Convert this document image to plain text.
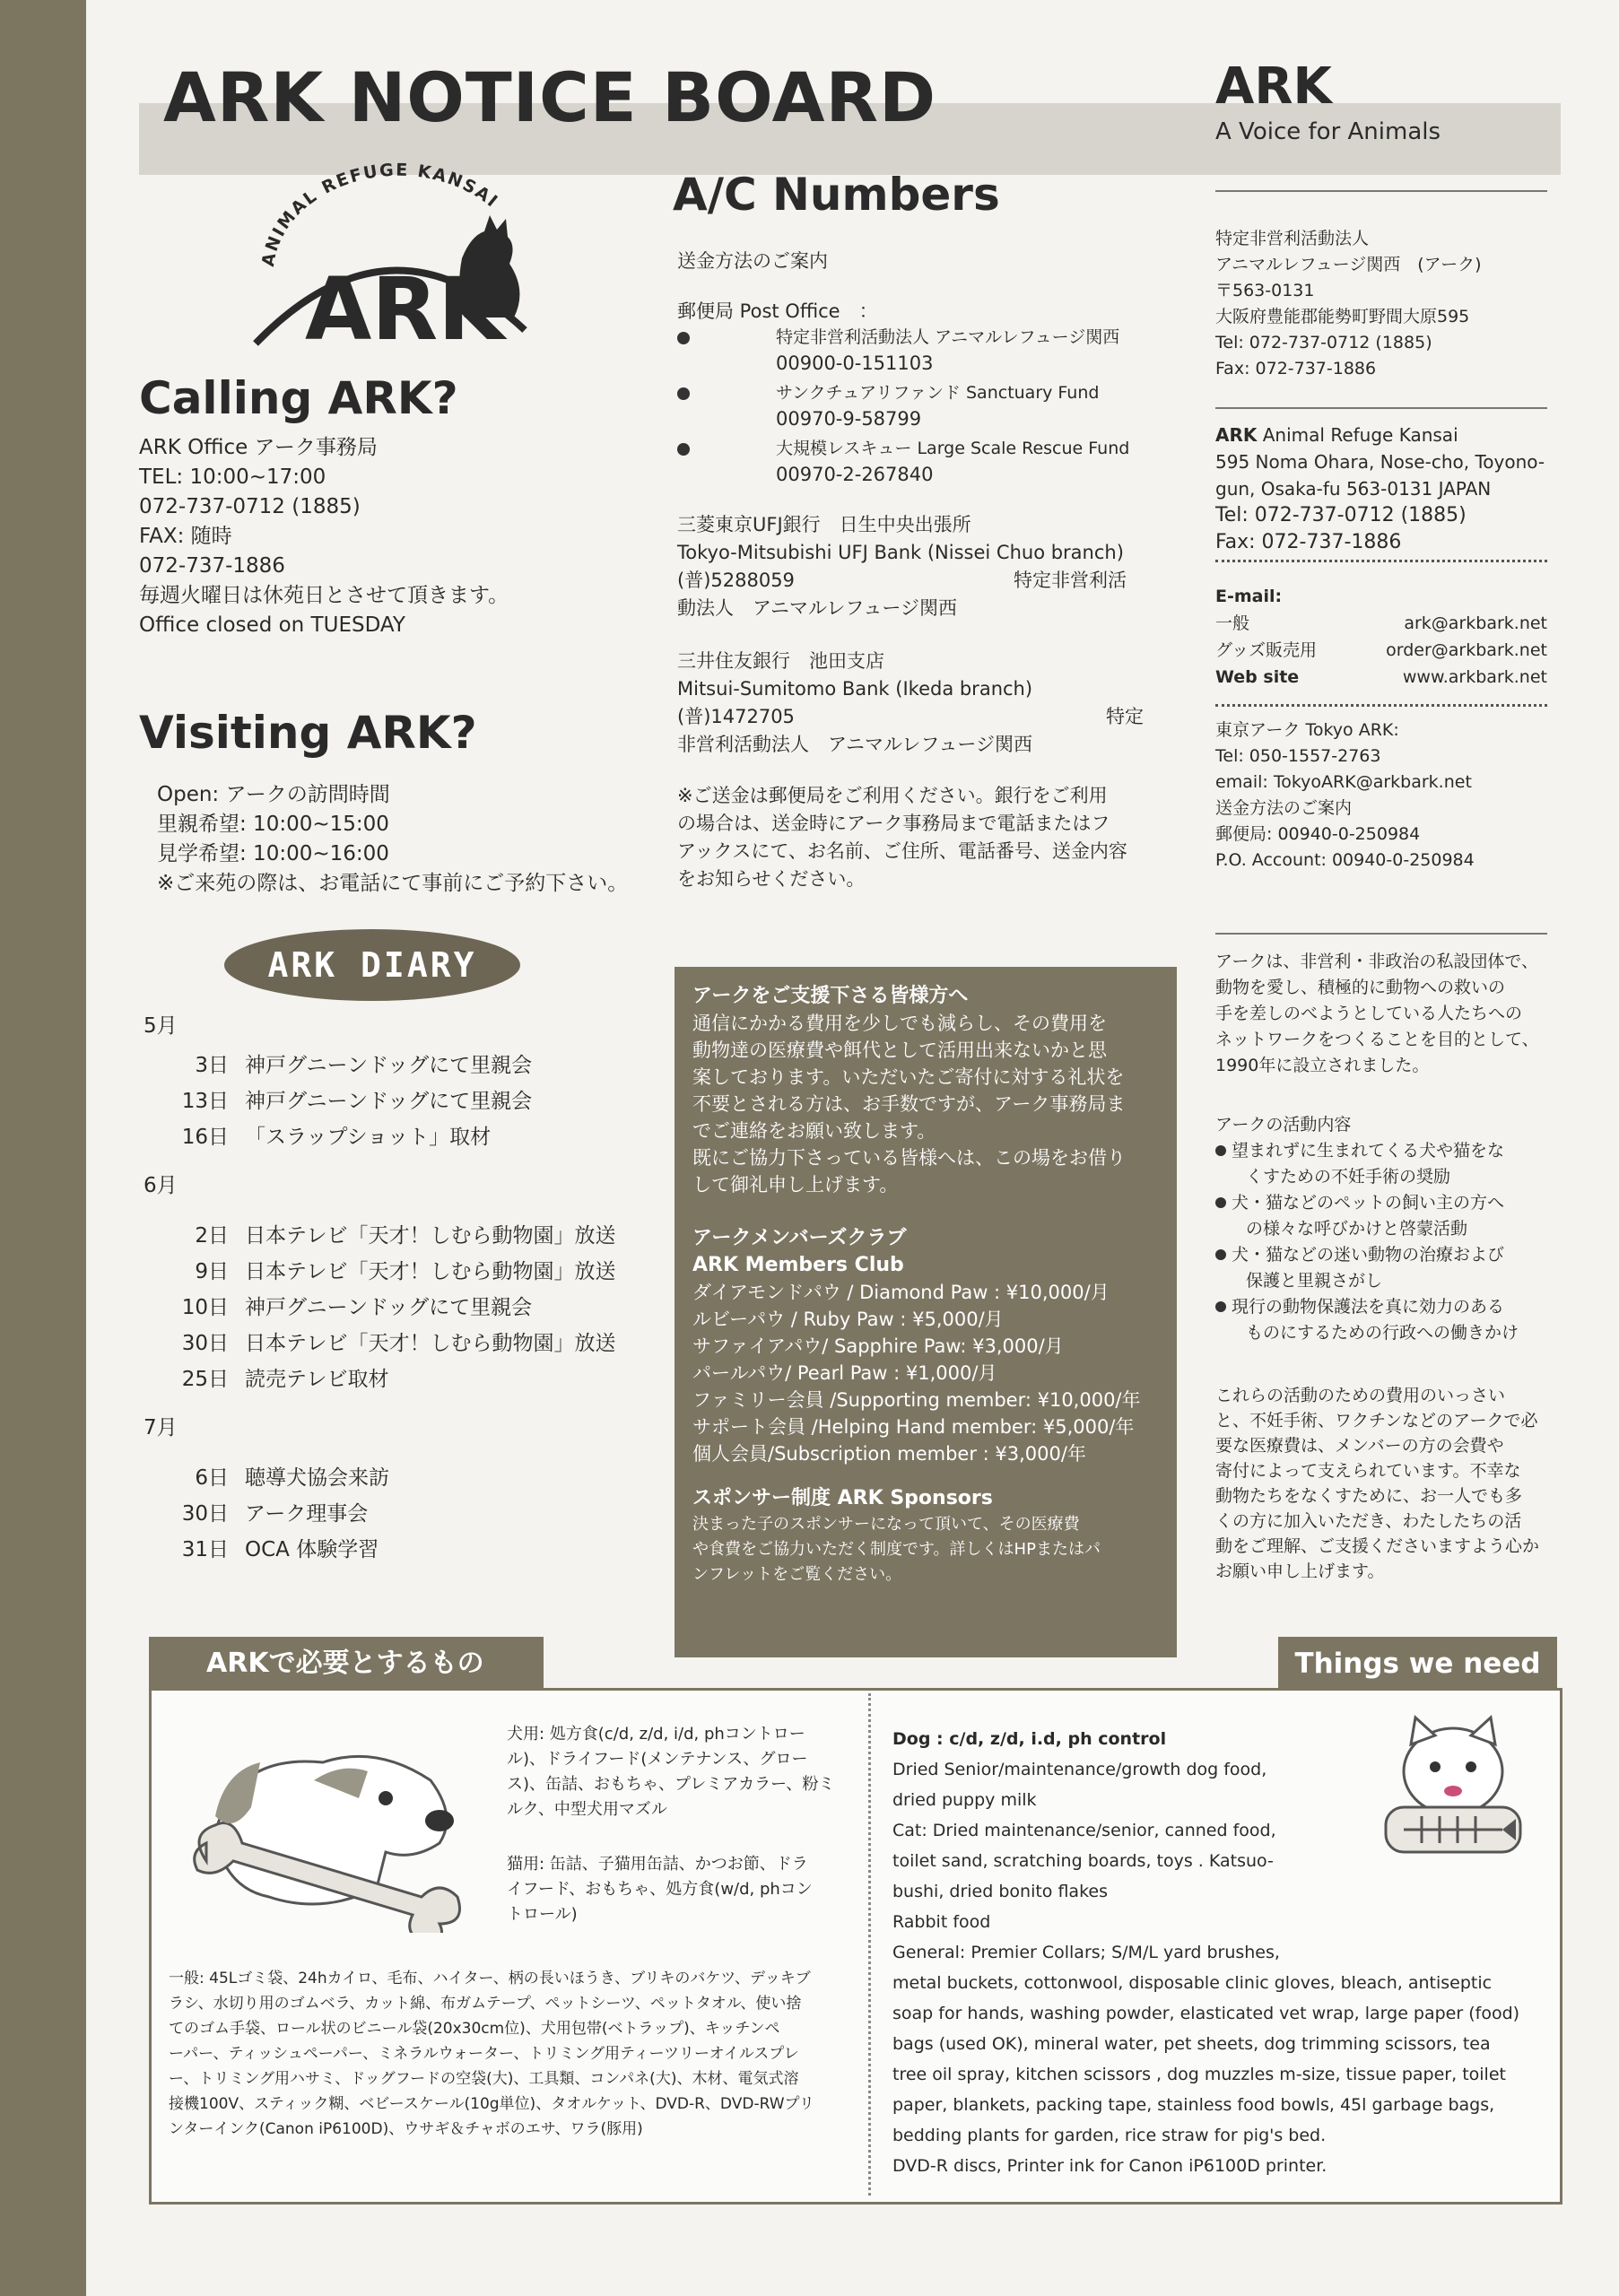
ARK NOTICE BOARD
A/C Numbers
ARK
A Voice for Animals
ANIMAL REFUGE KANSAI
ARK
Calling ARK?
ARK Office アーク事務局
TEL: 10:00~17:00
072-737-0712 (1885)
FAX: 随時
072-737-1886
毎週火曜日は休苑日とさせて頂きます。
Office closed on TUESDAY
Visiting ARK?
Open: アークの訪問時間
里親希望: 10:00~15:00
見学希望: 10:00~16:00
※ご来苑の際は、お電話にて事前にご予約下さい。
ARK DIARY
5月
3日 神戸グニーンドッグにて里親会
13日 神戸グニーンドッグにて里親会
16日 「スラップショット」取材
6月
2日 日本テレビ「天才！しむら動物園」放送
9日 日本テレビ「天才！しむら動物園」放送
10日 神戸グニーンドッグにて里親会
30日 日本テレビ「天才！しむら動物園」放送
25日 読売テレビ取材
7月
6日 聴導犬協会来訪
30日 アーク理事会
31日 OCA 体験学習
送金方法のご案内
郵便局 Post Office　：
特定非営利活動法人 アニマルレフュージ関西
00900-0-151103
サンクチュアリファンド Sanctuary Fund
00970-9-58799
大規模レスキュー Large Scale Rescue Fund
00970-2-267840
三菱東京UFJ銀行　日生中央出張所
Tokyo-Mitsubishi UFJ Bank (Nissei Chuo branch)
(普)5288059	特定非営利活
動法人　アニマルレフュージ関西
三井住友銀行　池田支店
Mitsui-Sumitomo Bank (Ikeda branch)
(普)1472705	特定
非営利活動法人　アニマルレフュージ関西
※ご送金は郵便局をご利用ください。銀行をご利用
の場合は、送金時にアーク事務局まで電話またはフ
アックスにて、お名前、ご住所、電話番号、送金内容
をお知らせください。
アークをご支援下さる皆様方へ
通信にかかる費用を少しでも減らし、その費用を
動物達の医療費や餌代として活用出来ないかと思
案しております。いただいたご寄付に対する礼状を
不要とされる方は、お手数ですが、アーク事務局ま
でご連絡をお願い致します。
既にご協力下さっている皆様へは、この場をお借り
して御礼申し上げます。
アークメンバーズクラブ
ARK Members Club
ダイアモンドパウ / Diamond Paw : ¥10,000/月
ルビーパウ / Ruby Paw : ¥5,000/月
サファイアパウ/ Sapphire Paw: ¥3,000/月
パールパウ/ Pearl Paw : ¥1,000/月
ファミリー会員 /Supporting member: ¥10,000/年
サポート会員 /Helping Hand member: ¥5,000/年
個人会員/Subscription member : ¥3,000/年
スポンサー制度 ARK Sponsors
決まった子のスポンサーになって頂いて、その医療費
や食費をご協力いただく制度です。詳しくはHPまたはパ
ンフレットをご覧ください。
特定非営利活動法人
アニマルレフュージ関西　(アーク)
〒563-0131
大阪府豊能郡能勢町野間大原595
Tel: 072-737-0712 (1885)
Fax: 072-737-1886
ARK Animal Refuge Kansai
595 Noma Ohara, Nose-cho, Toyono-
gun, Osaka-fu 563-0131 JAPAN
Tel: 072-737-0712 (1885)
Fax: 072-737-1886
E-mail:
一般	ark@arkbark.net
グッズ販売用	order@arkbark.net
Web site	www.arkbark.net
東京アーク Tokyo ARK:
Tel: 050-1557-2763
email: TokyoARK@arkbark.net
送金方法のご案内
郵便局: 00940-0-250984
P.O. Account: 00940-0-250984
アークは、非営利・非政治の私設団体で、
動物を愛し、積極的に動物への救いの
手を差しのべようとしている人たちへの
ネットワークをつくることを目的として、
1990年に設立されました。
アークの活動内容
望まれずに生まれてくる犬や猫をな
くすための不妊手術の奨励
犬・猫などのペットの飼い主の方へ
の様々な呼びかけと啓蒙活動
犬・猫などの迷い動物の治療および
保護と里親さがし
現行の動物保護法を真に効力のある
ものにするための行政への働きかけ
これらの活動のための費用のいっさい
と、不妊手術、ワクチンなどのアークで必
要な医療費は、メンバーの方の会費や
寄付によって支えられています。不幸な
動物たちをなくすために、お一人でも多
くの方に加入いただき、わたしたちの活
動をご理解、ご支援くださいますよう心か
お願い申し上げます。
ARKで必要とするもの	Things we need
犬用: 処方食(c/d, z/d, i/d, phコントロー
ル)、ドライフード(メンテナンス、グロー
ス)、缶詰、おもちゃ、プレミアカラー、粉ミ
ルク、中型犬用マズル
猫用: 缶詰、子猫用缶詰、かつお節、ドラ
イフード、おもちゃ、処方食(w/d, phコン
トロール)
一般: 45Lゴミ袋、24hカイロ、毛布、ハイター、柄の長いほうき、ブリキのバケツ、デッキブ
ラシ、水切り用のゴムベラ、カット綿、布ガムテープ、ペットシーツ、ペットタオル、使い捨
てのゴム手袋、ロール状のビニール袋(20x30cm位)、犬用包帯(ベトラップ)、キッチンペ
ーパー、ティッシュペーパー、ミネラルウォーター、トリミング用ティーツリーオイルスプレ
ー、トリミング用ハサミ、ドッグフードの空袋(大)、工具類、コンパネ(大)、木材、電気式溶
接機100V、スティック糊、ベビースケール(10g単位)、タオルケット、DVD-R、DVD-RWプリ
ンターインク(Canon iP6100D)、ウサギ＆チャボのエサ、ワラ(豚用)
Dog : c/d, z/d, i.d, ph control
Dried Senior/maintenance/growth dog food,
dried puppy milk
Cat: Dried maintenance/senior, canned food,
toilet sand, scratching boards, toys . Katsuo-
bushi, dried bonito flakes
Rabbit food
General: Premier Collars; S/M/L yard brushes,
metal buckets, cottonwool, disposable clinic gloves, bleach, antiseptic
soap for hands, washing powder, elasticated vet wrap, large paper (food)
bags (used OK), mineral water, pet sheets, dog trimming scissors, tea
tree oil spray, kitchen scissors , dog muzzles m-size, tissue paper, toilet
paper, blankets, packing tape, stainless food bowls, 45l garbage bags,
bedding plants for garden, rice straw for pig's bed.
DVD-R discs, Printer ink for Canon iP6100D printer.
